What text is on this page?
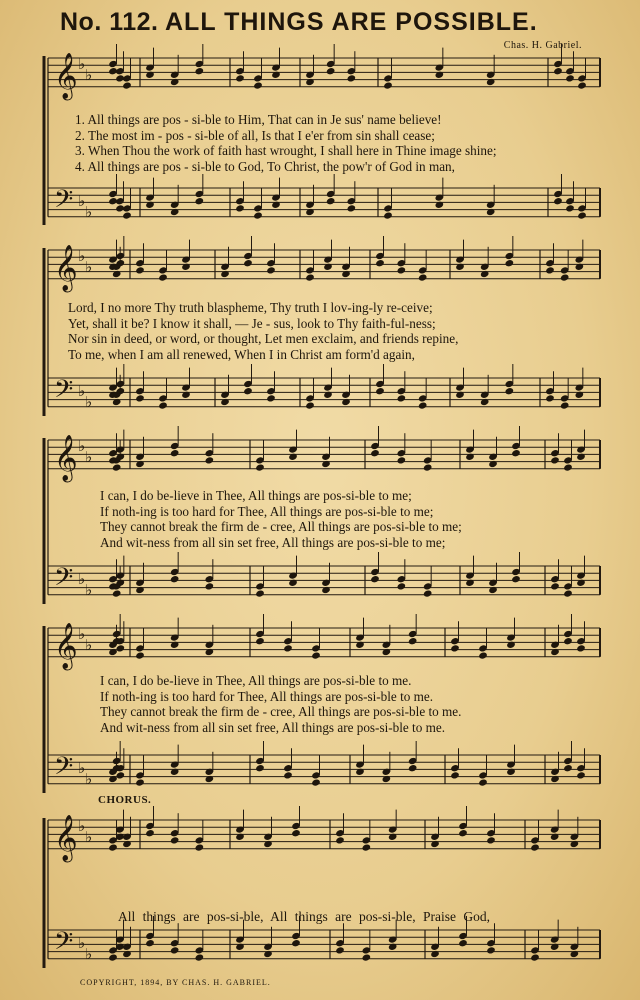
No. 112. ALL THINGS ARE POSSIBLE.
Chas. H. Gabriel.
𝄞 ♭
♭
𝄢 ♭
♭
𝄞 ♭
♭
𝄢 ♭
♭
𝄞 ♭
♭
𝄢 ♭
♭
𝄞 ♭
♭
𝄢 ♭
♭
𝄞 ♭
♭
𝄢 ♭
♭
1. All things are pos - si-ble to Him, That can in Je sus' name believe!
2. The most im - pos - si-ble of all, Is that I e'er from sin shall cease;
3. When Thou the work of faith hast wrought, I shall here in Thine image shine;
4. All things are pos - si-ble to God, To Christ, the pow'r of God in man,
Lord, I no more Thy truth blaspheme, Thy truth I lov-ing-ly re-ceive;
Yet, shall it be? I know it shall, — Je - sus, look to Thy faith-ful-ness;
Nor sin in deed, or word, or thought, Let men exclaim, and friends repine,
To me, when I am all renewed, When I in Christ am form'd again,
I can, I do be-lieve in Thee, All things are pos-si-ble to me;
If noth-ing is too hard for Thee, All things are pos-si-ble to me;
They cannot break the firm de - cree, All things are pos-si-ble to me;
And wit-ness from all sin set free, All things are pos-si-ble to me;
I can, I do be-lieve in Thee, All things are pos-si-ble to me.
If noth-ing is too hard for Thee, All things are pos-si-ble to me.
They cannot break the firm de - cree, All things are pos-si-ble to me.
And wit-ness from all sin set free, All things are pos-si-ble to me.
CHORUS.
All things are pos-si-ble, All things are pos-si-ble, Praise God,
COPYRIGHT, 1894, BY CHAS. H. GABRIEL.
